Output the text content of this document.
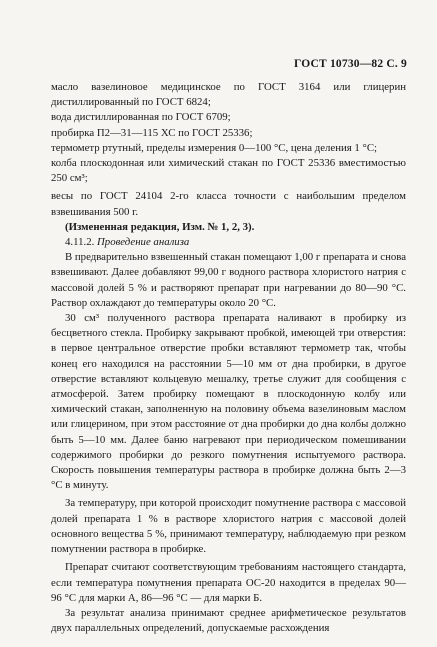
ГОСТ 10730—82 С. 9

масло вазелиновое медицинское по ГОСТ 3164 или глицерин дистиллированный по ГОСТ 6824;

вода дистиллированная по ГОСТ 6709;

пробирка П2—31—115 ХС по ГОСТ 25336;

термометр ртутный, пределы измерения 0—100 °С, цена деления 1 °С;

колба плоскодонная или химический стакан по ГОСТ 25336 вместимостью 250 см³;

весы по ГОСТ 24104 2-го класса точности с наибольшим пределом взвешивания 500 г.

(Измененная редакция, Изм. № 1, 2, 3).

4.11.2. Проведение анализа

В предварительно взвешенный стакан помещают 1,00 г препарата и снова взвешивают. Далее добавляют 99,00 г водного раствора хлористого натрия с массовой долей 5 % и растворяют препарат при нагревании до 80—90 °С. Раствор охлаждают до температуры около 20 °С.

30 см³ полученного раствора препарата наливают в пробирку из бесцветного стекла. Пробирку закрывают пробкой, имеющей три отверстия: в первое центральное отверстие пробки вставляют термометр так, чтобы конец его находился на расстоянии 5—10 мм от дна пробирки, в другое отверстие вставляют кольцевую мешалку, третье служит для сообщения с атмосферой. Затем пробирку помещают в плоскодонную колбу или химический стакан, заполненную на половину объема вазелиновым маслом или глицерином, при этом расстояние от дна пробирки до дна колбы должно быть 5—10 мм. Далее баню нагревают при периодическом помешивании содержимого пробирки до резкого помутнения испытуемого раствора. Скорость повышения температуры раствора в пробирке должна быть 2—3 °С в минуту.

За температуру, при которой происходит помутнение раствора с массовой долей препарата 1 % в растворе хлористого натрия с массовой долей основного вещества 5 %, принимают температуру, наблюдаемую при резком помутнении раствора в пробирке.

Препарат считают соответствующим требованиям настоящего стандарта, если температура помутнения препарата ОС-20 находится в пределах 90—96 °С для марки А, 86—96 °С — для марки Б.

За результат анализа принимают среднее арифметическое результатов двух параллельных определений, допускаемые расхождения
